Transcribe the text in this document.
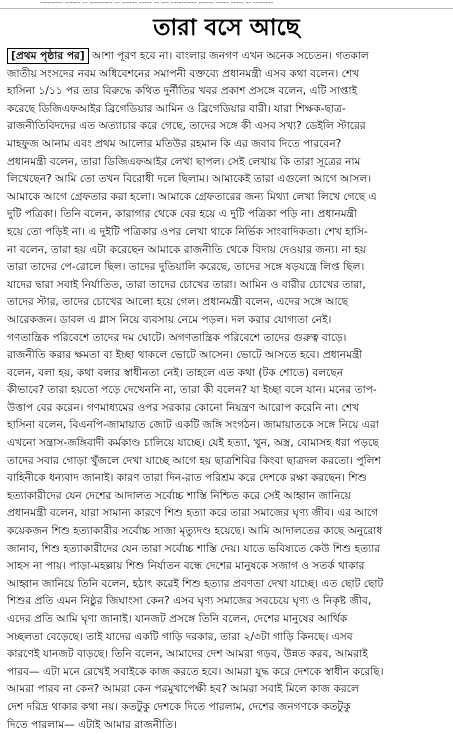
--------- ------ -- --------- -- ------ ----- -- --- ---------- ------ ----- ----- -- --------
তারা বসে আছে
[প্রথম পৃষ্ঠার পর] আশা পূরণ হবে না। বাংলার জনগণ এখন অনেক সচেতন। গতকাল
জাতীয় সংসদের নবম অধিবেশনের সমাপনী বক্তব্যে প্রধানমন্ত্রী এসব কথা বলেন। শেখ
হাসিনা ১/১১ পর তার বিরুদ্ধে কথিত দুর্নীতির খবর প্রকাশ প্রসঙ্গে বলেন, এটি সাপ্তাই
করেছে ডিজিএফআইর ব্রিগেডিয়ার আমিন ও ব্রিগেডিয়ার বারী। যারা শিক্ষক-ছাত্র-
রাজনীতিবিদদের এত অত্যাচার করে গেছে, তাদের সঙ্গে কী এসব সখ্য? ডেইলি স্টারের
মাহফুজ আনাম এবং প্রথম আলোর মতিউর রহমান কি এর জবাব দিতে পারবেন?
প্রধানমন্ত্রী বলেন, তারা ডিজিএফআইর লেখা ছাপল। সেই লেখায় কি তারা সূত্রের নাম
লিখেছেন? আমি তো তখন বিরোধী দলে ছিলাম। আমাকেই তারা এগুলো আগে আসল।
আমাকে আগে গ্রেফতার করা হলো। আমাকে গ্রেফতারের জন্য মিথ্যা লেখা লিখে গেছে এ
দুটি পত্রিকা। তিনি বলেন, কারাগার থেকে বের হয়ে এ দুটি পত্রিকা পড়ি না। প্রধানমন্ত্রী
হয়ে তো পড়িই না। এ দুইটি পত্রিকার ওপর লেখা থাকে নির্ভিক সাংবাদিকতা। শেখ হাসি-
না বলেন, তারা হয় এটা করেছেন আমাকে রাজনীতি থেকে বিদায় দেওয়ার জন্য। না হয়
তারা তাদের পে-রোলে ছিল। তাদের দুতিয়ালি করেছে, তাদের সঙ্গে ষড়যন্ত্রে লিপ্ত ছিল।
যাদের দ্বারা সবাই নির্যাতিত, তারা তাদের চোখের তারা। আমিন ও বারীর চোখের তারা,
তাদের স্টার, তাদের চোখের আলো হয়ে গেল। প্রধানমন্ত্রী বলেন, এদের সঙ্গে আছে
আরেকজন। ডাবল এ গ্লাস নিয়ে ব্যবসায় নেমে পড়ল। দল করার যোগ্যতা নেই।
গণতান্ত্রিক পরিবেশে তাদের দম ঘোটে। অগণতান্ত্রিক পরিবেশে তাদের গুরুত্ব বাড়ে।
রাজনীতি করার ক্ষমতা বা ইচ্ছা থাকলে ভোটে আসেন। ভোটে আসতে হবে। প্রধানমন্ত্রী
বলেন, বলা হয়, কথা বলার স্বাধীনতা নেই। তাহলে এত কথা (টক শোতে) বলছেন
কীভাবে? তারা হয়তো পড়ে দেখেননি না, তারা কী বলেন? যা ইচ্ছা বলে যান। মনের তাপ-
উত্তাপ বের করেন। গণমাধ্যমের ওপর সরকার কোনো নিয়ন্ত্রণ আরোপ করেনি না। শেখ
হাসিনা বলেন, বিএনপি-জামায়াত জোট একটি জঙ্গি সংগঠন। জামায়াতকে সঙ্গে নিয়ে এরা
এখনো সন্ত্রাস-জঙ্গিবাদী কর্মকাণ্ড চালিয়ে যাচ্ছে। যেই হত্যা, খুন, অস্ত্র, বোমাসহ ধরা পড়ছে
তাদের সবার গোড়া খুঁজলে দেখা যাচ্ছে আগে হয় ছাত্রশিবির কিংবা ছাত্রদল করতো। পুলিশ
বাহিনীকে ধন্যবাদ জানাই। কারণ তারা দিন-রাত পরিশ্রম করে দেশকে রক্ষা করছেন। শিশু
হত্যাকারীদের যেন দেশের আদালত সর্বোচ্চ শাস্তি নিশ্চিত করে সেই আহ্বান জানিয়ে
প্রধানমন্ত্রী বলেন, যারা সামান্য কারণে শিশু হত্যা করে তারা সমাজের ঘৃণ্য জীব। এর আগে
কয়েকজন শিশু হত্যাকারীর সর্বোচ্চ সাজা মৃত্যুদণ্ড হয়েছে। আমি আদালতের কাছে অনুরোধ
জানাব, শিশু হত্যাকারীদের যেন তারা সর্বোচ্চ শাস্তি দেয়। যাতে ভবিষ্যতে কেউ শিশু হত্যার
সাহস না পায়। পাড়া-মহল্লায় শিশু নির্যাতন বন্ধে দেশের মানুষকে সজাগ ও সতর্ক থাকার
আহ্বান জানিয়ে তিনি বলেন, হঠাৎ করেই শিশু হত্যার প্রবণতা দেখা যাচ্ছে। এত ছোট ছোট
শিশুর প্রতি এমন নিষ্ঠুর জিঘাংসা কেন? এসব ঘৃণ্য সমাজের সবচেয়ে ঘৃণ্য ও নিকৃষ্ট জীব,
এদের প্রতি আমি ঘৃণা জানাই। যানজট প্রসঙ্গে তিনি বলেন, দেশের মানুষের আর্থিক
সচ্ছলতা বেড়েছে। তাই যাদের একটি গাড়ি দরকার, তারা ২/৩টা গাড়ি কিনছে। এসব
কারণেই যানজট বাড়ছে। তিনি বলেন, আমাদের দেশ আমরা গড়ব, উন্নত করব, আমরাই
পারব— এটা মনে রেখেই সবাইকে কাজ করতে হবে। আমরা যুদ্ধ করে দেশকে স্বাধীন করেছি।
আমরা পারব না কেন? আমরা কেন পরমুখাপেক্ষী হব? আমরা সবাই মিলে কাজ করলে
দেশ দরিদ্র থাকার কথা নয়। কতটুকু দেশকে দিতে পারলাম, দেশের জনগণকে কতটুকু
দিতে পারলাম— এটাই আমার রাজনীতি।
